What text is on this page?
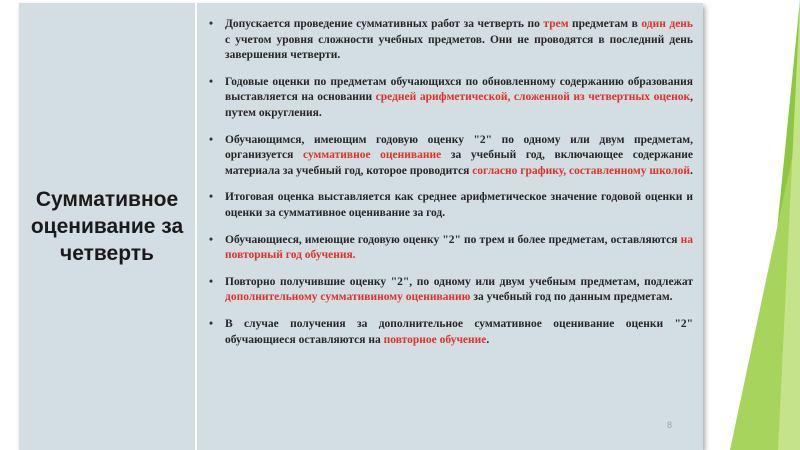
Суммативное оценивание за четверть
• Допускается проведение суммативных работ за четверть по трем предметам в один день с учетом уровня сложности учебных предметов. Они не проводятся в последний день завершения четверти.
• Годовые оценки по предметам обучающихся по обновленному содержанию образования выставляется на основании средней арифметической, сложенной из четвертных оценок, путем округления.
• Обучающимся, имеющим годовую оценку "2" по одному или двум предметам, организуется суммативное оценивание за учебный год, включающее содержание материала за учебный год, которое проводится согласно графику, составленному школой.
• Итоговая оценка выставляется как среднее арифметическое значение годовой оценки и оценки за суммативное оценивание за год.
• Обучающиеся, имеющие годовую оценку "2" по трем и более предметам, оставляются на повторный год обучения.
• Повторно получившие оценку "2", по одному или двум учебным предметам, подлежат дополнительному суммативиному оцениванию за учебный год по данным предметам.
• В случае получения за дополнительное суммативное оценивание оценки "2" обучающиеся оставляются на повторное обучение.
8
